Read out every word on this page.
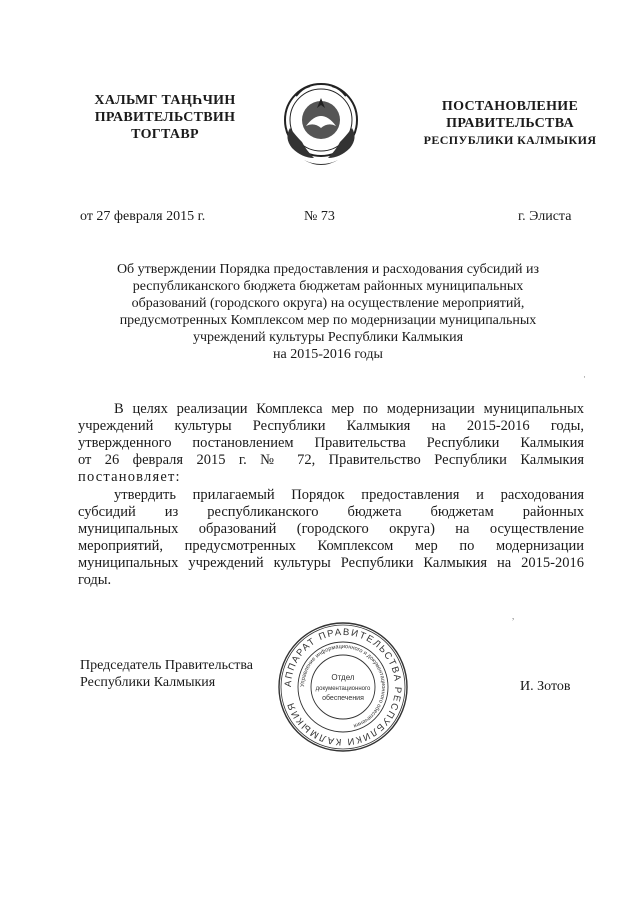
ХАЛЬМГ ТАҢҺЧИН
ПРАВИТЕЛЬСТВИН
ТОГТАВР
ПОСТАНОВЛЕНИЕ
ПРАВИТЕЛЬСТВА
РЕСПУБЛИКИ КАЛМЫКИЯ
от 27 февраля 2015 г.	№ 73	г. Элиста
Об утверждении Порядка предоставления и расходования субсидий из
республиканского бюджета бюджетам районных муниципальных
образований (городского округа) на осуществление мероприятий,
предусмотренных Комплексом мер по модернизации муниципальных
учреждений культуры Республики Калмыкия
на 2015-2016 годы
·
В целях реализации Комплекса мер по модернизации муниципальных
учреждений культуры Республики Калмыкия на 2015-2016 годы,
утвержденного постановлением Правительства Республики Калмыкия
от 26 февраля 2015 г. № 72, Правительство Республики Калмыкия
постановляет:
утвердить прилагаемый Порядок предоставления и расходования
субсидий из республиканского бюджета бюджетам районных
муниципальных образований (городского округа) на осуществление
мероприятий, предусмотренных Комплексом мер по модернизации
муниципальных учреждений культуры Республики Калмыкия на 2015-2016
годы.
Председатель Правительства
Республики Калмыкия	И. Зотов
АППАРАТ ПРАВИТЕЛЬСТВА РЕСПУБЛИКИ КАЛМЫКИЯ
Управление информационного и документационного обеспечения
Отдел
документационного
обеспечения
,
